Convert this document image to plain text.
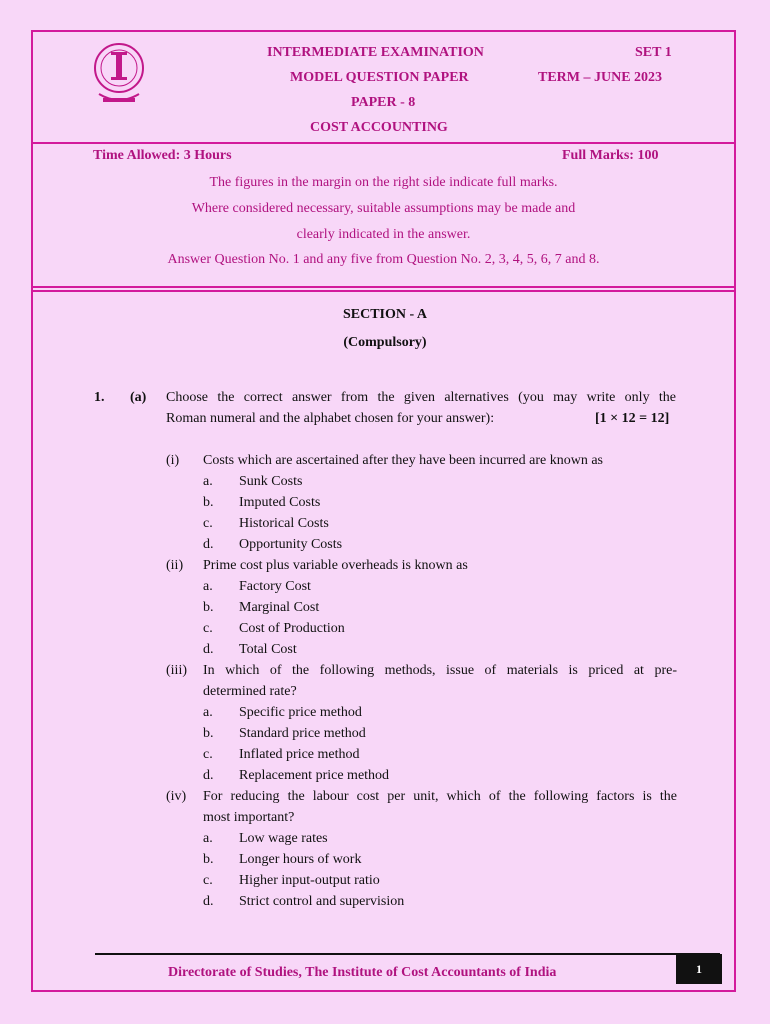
INTERMEDIATE EXAMINATION	SET 1
MODEL QUESTION PAPER	TERM – JUNE 2023
PAPER - 8
COST ACCOUNTING
Time Allowed: 3 Hours	Full Marks: 100
The figures in the margin on the right side indicate full marks.
Where considered necessary, suitable assumptions may be made and
clearly indicated in the answer.
Answer Question No. 1 and any five from Question No. 2, 3, 4, 5, 6, 7 and 8.
SECTION - A
(Compulsory)
1. (a) Choose the correct answer from the given alternatives (you may write only the
Roman numeral and the alphabet chosen for your answer):	[1 × 12 = 12]
(i) Costs which are ascertained after they have been incurred are known as
a. Sunk Costs
b. Imputed Costs
c. Historical Costs
d. Opportunity Costs
(ii) Prime cost plus variable overheads is known as
a. Factory Cost
b. Marginal Cost
c. Cost of Production
d. Total Cost
(iii) In which of the following methods, issue of materials is priced at pre-
determined rate?
a. Specific price method
b. Standard price method
c. Inflated price method
d. Replacement price method
(iv) For reducing the labour cost per unit, which of the following factors is the
most important?
a. Low wage rates
b. Longer hours of work
c. Higher input-output ratio
d. Strict control and supervision
Directorate of Studies, The Institute of Cost Accountants of India	1
